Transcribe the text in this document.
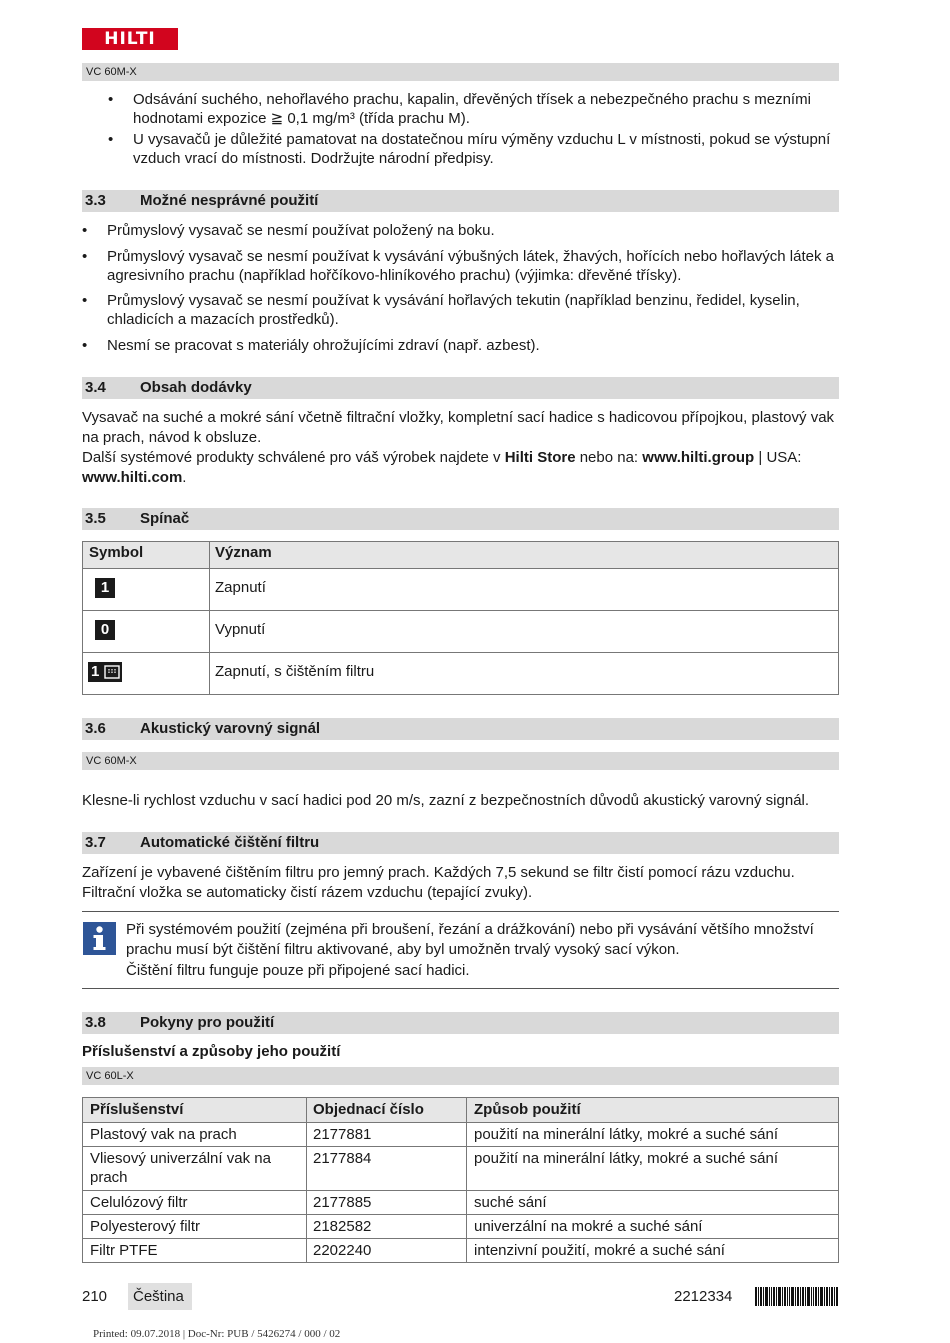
HILTI
VC 60M-X
• Odsávání suchého, nehořlavého prachu, kapalin, dřevěných třísek a nebezpečného prachu s mezními hodnotami expozice ≧ 0,1 mg/m³ (třída prachu M).
• U vysavačů je důležité pamatovat na dostatečnou míru výměny vzduchu L v místnosti, pokud se výstupní vzduch vrací do místnosti. Dodržujte národní předpisy.
3.3 Možné nesprávné použití
• Průmyslový vysavač se nesmí používat položený na boku.
• Průmyslový vysavač se nesmí používat k vysávání výbušných látek, žhavých, hořících nebo hořlavých látek a agresivního prachu (například hořčíkovo-hliníkového prachu) (výjimka: dřevěné třísky).
• Průmyslový vysavač se nesmí používat k vysávání hořlavých tekutin (například benzinu, ředidel, kyselin, chladicích a mazacích prostředků).
• Nesmí se pracovat s materiály ohrožujícími zdraví (např. azbest).
3.4 Obsah dodávky
Vysavač na suché a mokré sání včetně filtrační vložky, kompletní sací hadice s hadicovou přípojkou, plastový vak na prach, návod k obsluze.
Další systémové produkty schválené pro váš výrobek najdete v Hilti Store nebo na: www.hilti.group | USA: www.hilti.com.
3.5 Spínač
Symbol	Význam
1	Zapnutí
0	Vypnutí
1	Zapnutí, s čištěním filtru
3.6 Akustický varovný signál
VC 60M-X
Klesne-li rychlost vzduchu v sací hadici pod 20 m/s, zazní z bezpečnostních důvodů akustický varovný signál.
3.7 Automatické čištění filtru
Zařízení je vybavené čištěním filtru pro jemný prach. Každých 7,5 sekund se filtr čistí pomocí rázu vzduchu. Filtrační vložka se automaticky čistí rázem vzduchu (tepající zvuky).
Při systémovém použití (zejména při broušení, řezání a drážkování) nebo při vysávání většího množství prachu musí být čištění filtru aktivované, aby byl umožněn trvalý vysoký sací výkon.
Čištění filtru funguje pouze při připojené sací hadici.
3.8 Pokyny pro použití
Příslušenství a způsoby jeho použití
VC 60L-X
Příslušenství	Objednací číslo	Způsob použití
Plastový vak na prach	2177881	použití na minerální látky, mokré a suché sání
Vliesový univerzální vak na prach	2177884	použití na minerální látky, mokré a suché sání
Celulózový filtr	2177885	suché sání
Polyesterový filtr	2182582	univerzální na mokré a suché sání
Filtr PTFE	2202240	intenzivní použití, mokré a suché sání
210	Čeština	2212334
Printed: 09.07.2018 | Doc-Nr: PUB / 5426274 / 000 / 02
